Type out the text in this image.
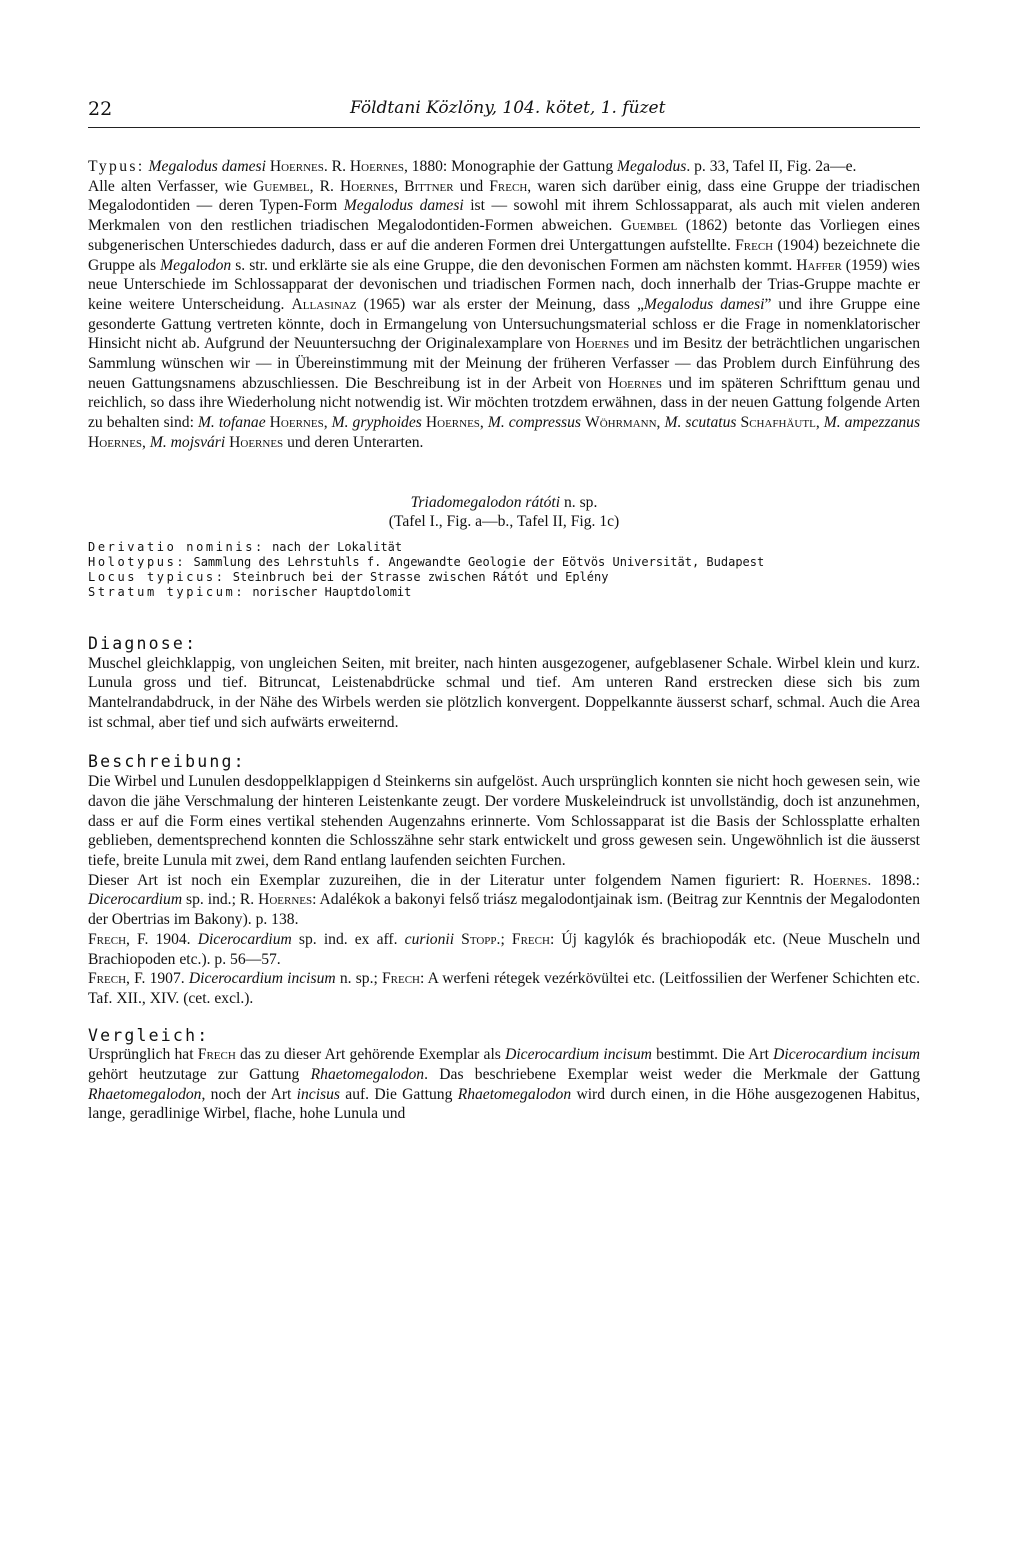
22	Földtani Közlöny, 104. kötet, 1. füzet

Typus: Megalodus damesi Hoernes. R. Hoernes, 1880: Monographie der Gattung Megalodus. p. 33, Tafel II, Fig. 2a—e.

Alle alten Verfasser, wie Guembel, R. Hoernes, Bittner und Frech, waren sich darüber einig, dass eine Gruppe der triadischen Megalodontiden — deren Typen-Form Megalodus damesi ist — sowohl mit ihrem Schlossapparat, als auch mit vielen anderen Merkmalen von den restlichen triadischen Megalodontiden-Formen abweichen. Guembel (1862) betonte das Vorliegen eines subgenerischen Unterschiedes dadurch, dass er auf die anderen Formen drei Untergattungen aufstellte. Frech (1904) bezeichnete die Gruppe als Megalodon s. str. und erklärte sie als eine Gruppe, die den devonischen Formen am nächsten kommt. Haffer (1959) wies neue Unterschiede im Schlossapparat der devonischen und triadischen Formen nach, doch innerhalb der Trias-Gruppe machte er keine weitere Unterscheidung. Allasinaz (1965) war als erster der Meinung, dass „Megalodus damesi” und ihre Gruppe eine gesonderte Gattung vertreten könnte, doch in Ermangelung von Untersuchungsmaterial schloss er die Frage in nomenklatorischer Hinsicht nicht ab. Aufgrund der Neuuntersuchng der Originalexamplare von Hoernes und im Besitz der beträchtlichen ungarischen Sammlung wünschen wir — in Übereinstimmung mit der Meinung der früheren Verfasser — das Problem durch Einführung des neuen Gattungsnamens abzuschliessen. Die Beschreibung ist in der Arbeit von Hoernes und im späteren Schrifttum genau und reichlich, so dass ihre Wiederholung nicht notwendig ist. Wir möchten trotzdem erwähnen, dass in der neuen Gattung folgende Arten zu behalten sind: M. tofanae Hoernes, M. gryphoides Hoernes, M. compressus Wöhrmann, M. scutatus Schafhäutl, M. ampezzanus Hoernes, M. mojsvári Hoernes und deren Unterarten.

Triadomegalodon rátóti n. sp.

(Tafel I., Fig. a—b., Tafel II, Fig. 1c)

Derivatio nominis: nach der Lokalität
Holotypus: Sammlung des Lehrstuhls f. Angewandte Geologie der Eötvös Universität, Budapest
Locus typicus: Steinbruch bei der Strasse zwischen Rátót und Eplény
Stratum typicum: norischer Hauptdolomit

Diagnose:

Muschel gleichklappig, von ungleichen Seiten, mit breiter, nach hinten ausgezogener, aufgeblasener Schale. Wirbel klein und kurz. Lunula gross und tief. Bitruncat, Leistenabdrücke schmal und tief. Am unteren Rand erstrecken diese sich bis zum Mantelrandabdruck, in der Nähe des Wirbels werden sie plötzlich konvergent. Doppelkannte äusserst scharf, schmal. Auch die Area ist schmal, aber tief und sich aufwärts erweiternd.

Beschreibung:

Die Wirbel und Lunulen desdoppelklappigen d Steinkerns sin aufgelöst. Auch ursprünglich konnten sie nicht hoch gewesen sein, wie davon die jähe Verschmalung der hinteren Leistenkante zeugt. Der vordere Muskeleindruck ist unvollständig, doch ist anzunehmen, dass er auf die Form eines vertikal stehenden Augenzahns erinnerte. Vom Schlossapparat ist die Basis der Schlossplatte erhalten geblieben, dementsprechend konnten die Schlosszähne sehr stark entwickelt und gross gewesen sein. Ungewöhnlich ist die äusserst tiefe, breite Lunula mit zwei, dem Rand entlang laufenden seichten Furchen.

Dieser Art ist noch ein Exemplar zuzureihen, die in der Literatur unter folgendem Namen figuriert: R. Hoernes. 1898.: Dicerocardium sp. ind.; R. Hoernes: Adalékok a bakonyi felső triász megalodontjainak ism. (Beitrag zur Kenntnis der Megalodonten der Obertrias im Bakony). p. 138.

Frech, F. 1904. Dicerocardium sp. ind. ex aff. curionii Stopp.; Frech: Új kagylók és brachiopodák etc. (Neue Muscheln und Brachiopoden etc.). p. 56—57.

Frech, F. 1907. Dicerocardium incisum n. sp.; Frech: A werfeni rétegek vezérkövültei etc. (Leitfossilien der Werfener Schichten etc. Taf. XII., XIV. (cet. excl.).

Vergleich:

Ursprünglich hat Frech das zu dieser Art gehörende Exemplar als Dicerocardium incisum bestimmt. Die Art Dicerocardium incisum gehört heutzutage zur Gattung Rhaetomegalodon. Das beschriebene Exemplar weist weder die Merkmale der Gattung Rhaetomegalodon, noch der Art incisus auf. Die Gattung Rhaetomegalodon wird durch einen, in die Höhe ausgezogenen Habitus, lange, geradlinige Wirbel, flache, hohe Lunula und
